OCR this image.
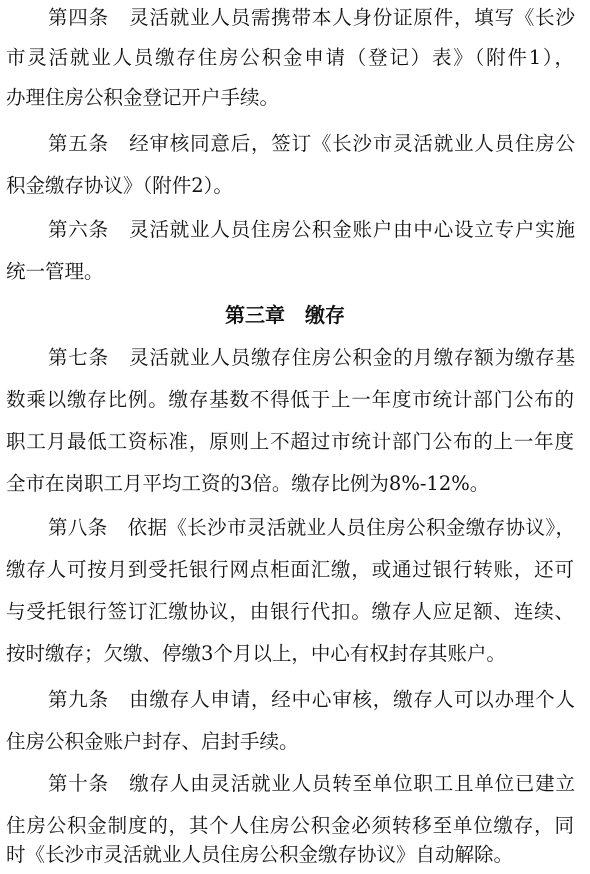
第四条　灵活就业人员需携带本人身份证原件，填写《长沙
市灵活就业人员缴存住房公积金申请（登记）表》（附件1），
办理住房公积金登记开户手续。
第五条　经审核同意后，签订《长沙市灵活就业人员住房公
积金缴存协议》（附件2）。
第六条　灵活就业人员住房公积金账户由中心设立专户实施
统一管理。
第三章　缴存
第七条　灵活就业人员缴存住房公积金的月缴存额为缴存基
数乘以缴存比例。缴存基数不得低于上一年度市统计部门公布的
职工月最低工资标准，原则上不超过市统计部门公布的上一年度
全市在岗职工月平均工资的3倍。缴存比例为8%-12%。
第八条　依据《长沙市灵活就业人员住房公积金缴存协议》，
缴存人可按月到受托银行网点柜面汇缴，或通过银行转账，还可
与受托银行签订汇缴协议，由银行代扣。缴存人应足额、连续、
按时缴存；欠缴、停缴3个月以上，中心有权封存其账户。
第九条　由缴存人申请，经中心审核，缴存人可以办理个人
住房公积金账户封存、启封手续。
第十条　缴存人由灵活就业人员转至单位职工且单位已建立
住房公积金制度的，其个人住房公积金必须转移至单位缴存，同
时《长沙市灵活就业人员住房公积金缴存协议》自动解除。
